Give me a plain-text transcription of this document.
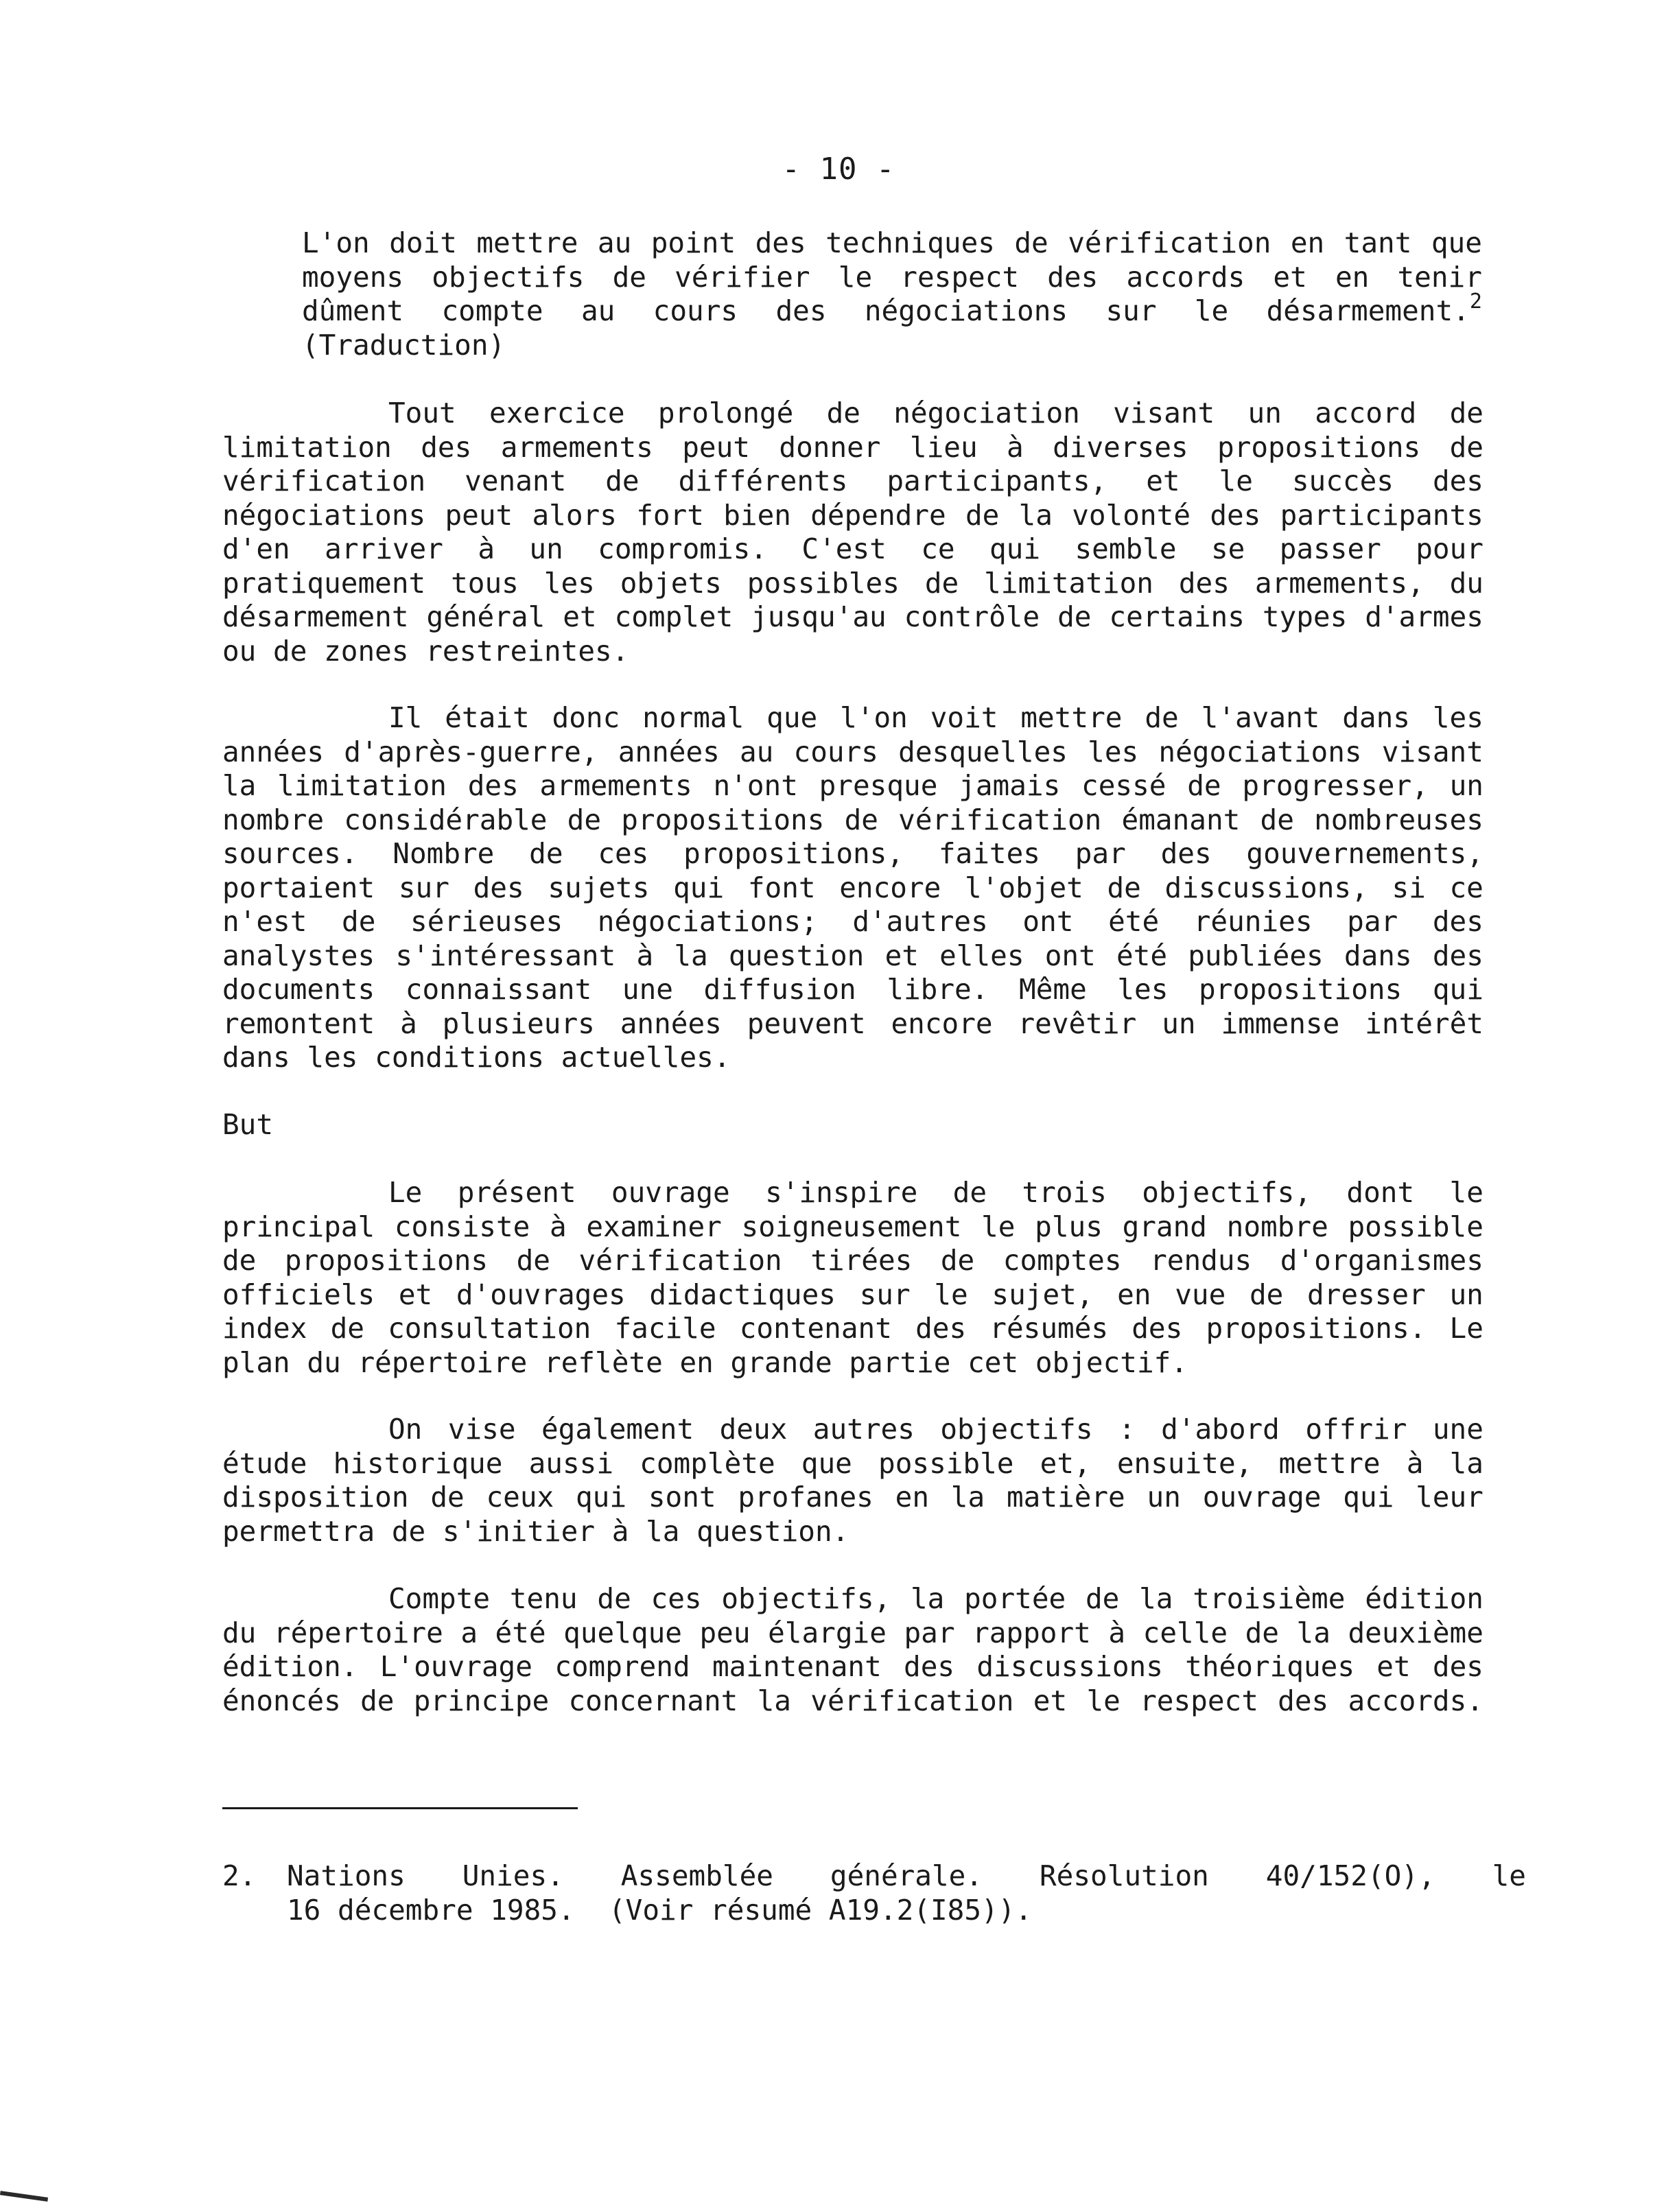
- 10 -
L'on doit mettre au point des techniques de vérification en tant que
moyens objectifs de vérifier le respect des accords et en tenir
dûment compte au cours des négociations sur le désarmement.$^2$
(Traduction)
Tout exercice prolongé de négociation visant un accord de
limitation des armements peut donner lieu à diverses propositions de
vérification venant de différents participants, et le succès des
négociations peut alors fort bien dépendre de la volonté des participants
d'en arriver à un compromis. C'est ce qui semble se passer pour
pratiquement tous les objets possibles de limitation des armements, du
désarmement général et complet jusqu'au contrôle de certains types d'armes
ou de zones restreintes.
Il était donc normal que l'on voit mettre de l'avant dans les
années d'après-guerre, années au cours desquelles les négociations visant
la limitation des armements n'ont presque jamais cessé de progresser, un
nombre considérable de propositions de vérification émanant de nombreuses
sources. Nombre de ces propositions, faites par des gouvernements,
portaient sur des sujets qui font encore l'objet de discussions, si ce
n'est de sérieuses négociations; d'autres ont été réunies par des
analystes s'intéressant à la question et elles ont été publiées dans des
documents connaissant une diffusion libre. Même les propositions qui
remontent à plusieurs années peuvent encore revêtir un immense intérêt
dans les conditions actuelles.
But
Le présent ouvrage s'inspire de trois objectifs, dont le
principal consiste à examiner soigneusement le plus grand nombre possible
de propositions de vérification tirées de comptes rendus d'organismes
officiels et d'ouvrages didactiques sur le sujet, en vue de dresser un
index de consultation facile contenant des résumés des propositions. Le
plan du répertoire reflète en grande partie cet objectif.
On vise également deux autres objectifs : d'abord offrir une
étude historique aussi complète que possible et, ensuite, mettre à la
disposition de ceux qui sont profanes en la matière un ouvrage qui leur
permettra de s'initier à la question.
Compte tenu de ces objectifs, la portée de la troisième édition
du répertoire a été quelque peu élargie par rapport à celle de la deuxième
édition. L'ouvrage comprend maintenant des discussions théoriques et des
énoncés de principe concernant la vérification et le respect des accords.
2. Nations Unies. Assemblée générale. Résolution 40/152(O), le
16 décembre 1985.  (Voir résumé A19.2(I85)).
